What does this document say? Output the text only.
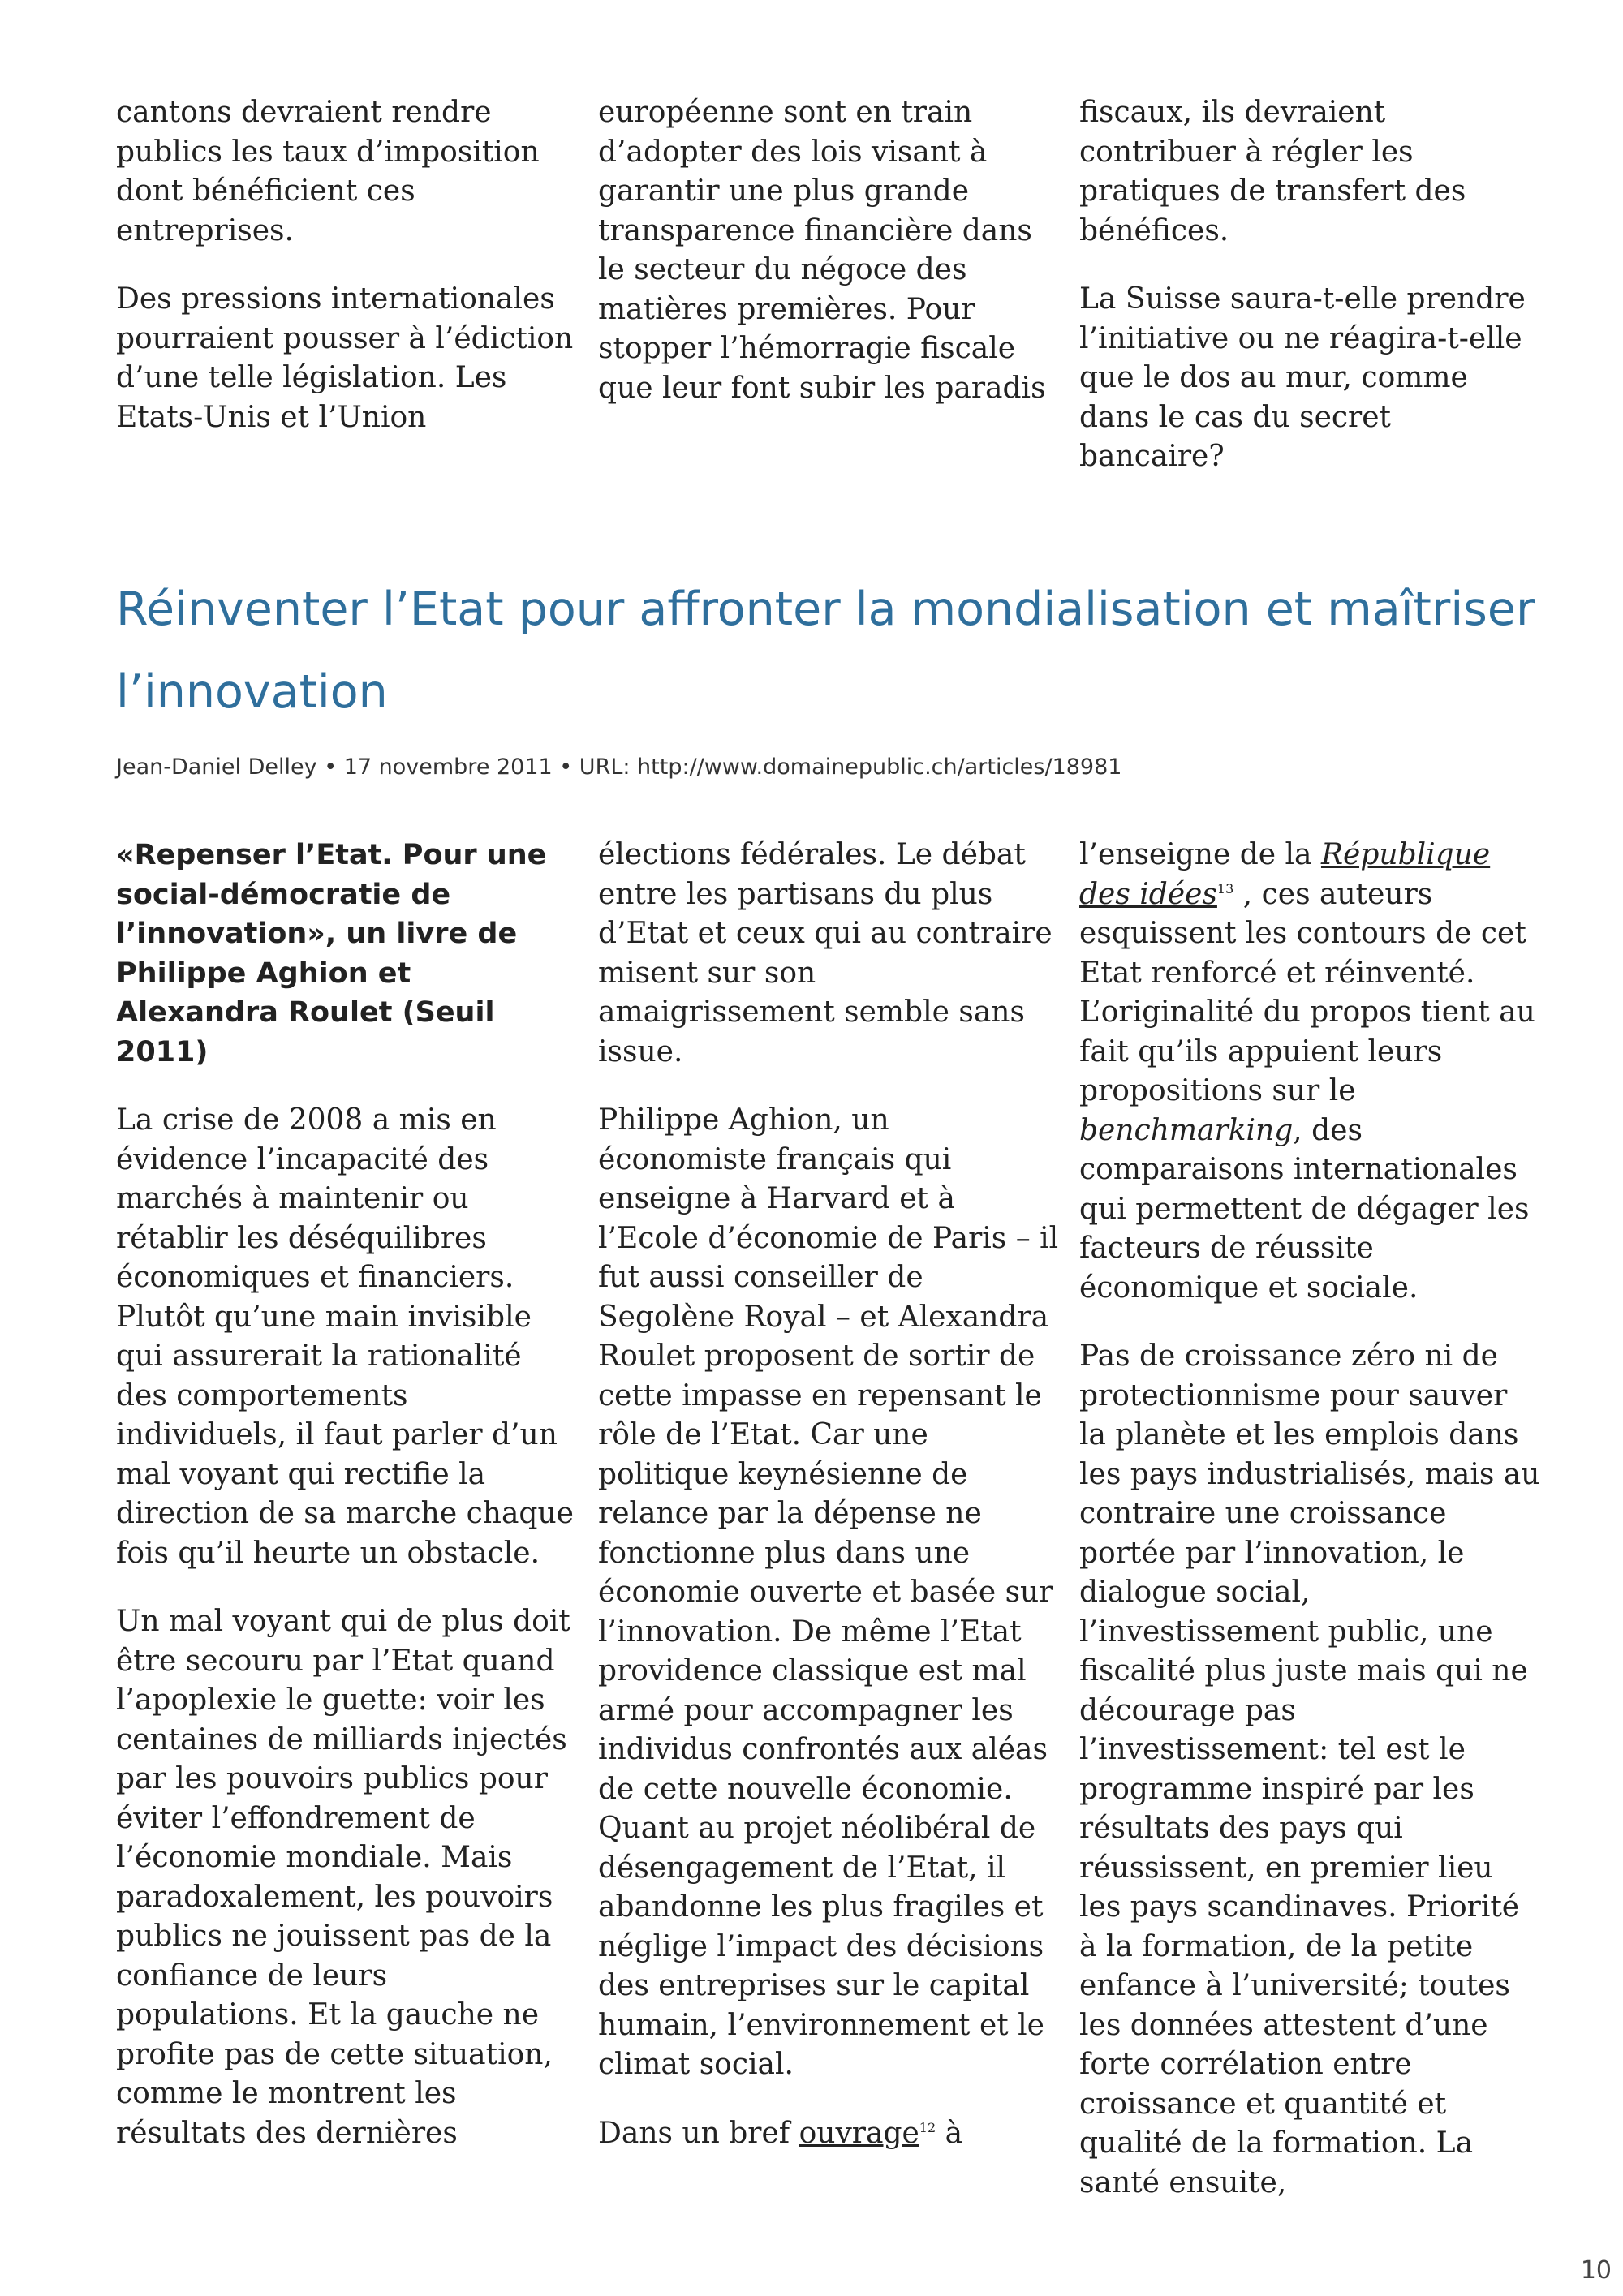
cantons devraient rendre publics les taux d’imposition dont bénéficient ces entreprises.

Des pressions internationales pourraient pousser à l’édiction d’une telle législation. Les Etats-Unis et l’Union

européenne sont en train d’adopter des lois visant à garantir une plus grande transparence financière dans le secteur du négoce des matières premières. Pour stopper l’hémorragie fiscale que leur font subir les paradis

fiscaux, ils devraient contribuer à régler les pratiques de transfert des bénéfices.

La Suisse saura-t-elle prendre l’initiative ou ne réagira-t-elle que le dos au mur, comme dans le cas du secret bancaire?

Réinventer l’Etat pour affronter la mondialisation et maîtriser l’innovation
Jean-Daniel Delley • 17 novembre 2011 • URL: http://www.domainepublic.ch/articles/18981

«Repenser l’Etat. Pour une social-démocratie de l’innovation», un livre de Philippe Aghion et Alexandra Roulet (Seuil 2011)

La crise de 2008 a mis en évidence l’incapacité des marchés à maintenir ou rétablir les déséquilibres économiques et financiers. Plutôt qu’une main invisible qui assurerait la rationalité des comportements individuels, il faut parler d’un mal voyant qui rectifie la direction de sa marche chaque fois qu’il heurte un obstacle.

Un mal voyant qui de plus doit être secouru par l’Etat quand l’apoplexie le guette: voir les centaines de milliards injectés par les pouvoirs publics pour éviter l’effondrement de l’économie mondiale. Mais paradoxalement, les pouvoirs publics ne jouissent pas de la confiance de leurs populations. Et la gauche ne profite pas de cette situation, comme le montrent les résultats des dernières

élections fédérales. Le débat entre les partisans du plus d’Etat et ceux qui au contraire misent sur son amaigrissement semble sans issue.

Philippe Aghion, un économiste français qui enseigne à Harvard et à l’Ecole d’économie de Paris – il fut aussi conseiller de Segolène Royal – et Alexandra Roulet proposent de sortir de cette impasse en repensant le rôle de l’Etat. Car une politique keynésienne de relance par la dépense ne fonctionne plus dans une économie ouverte et basée sur l’innovation. De même l’Etat providence classique est mal armé pour accompagner les individus confrontés aux aléas de cette nouvelle économie. Quant au projet néolibéral de désengagement de l’Etat, il abandonne les plus fragiles et néglige l’impact des décisions des entreprises sur le capital humain, l’environnement et le climat social.

Dans un bref ouvrage$^{12}$ à

l’enseigne de la République des idées$^{13}$ , ces auteurs esquissent les contours de cet Etat renforcé et réinventé. L’originalité du propos tient au fait qu’ils appuient leurs propositions sur le benchmarking, des comparaisons internationales qui permettent de dégager les facteurs de réussite économique et sociale.

Pas de croissance zéro ni de protectionnisme pour sauver la planète et les emplois dans les pays industrialisés, mais au contraire une croissance portée par l’innovation, le dialogue social, l’investissement public, une fiscalité plus juste mais qui ne décourage pas l’investissement: tel est le programme inspiré par les résultats des pays qui réussissent, en premier lieu les pays scandinaves. Priorité à la formation, de la petite enfance à l’université; toutes les données attestent d’une forte corrélation entre croissance et quantité et qualité de la formation. La santé ensuite,

10
